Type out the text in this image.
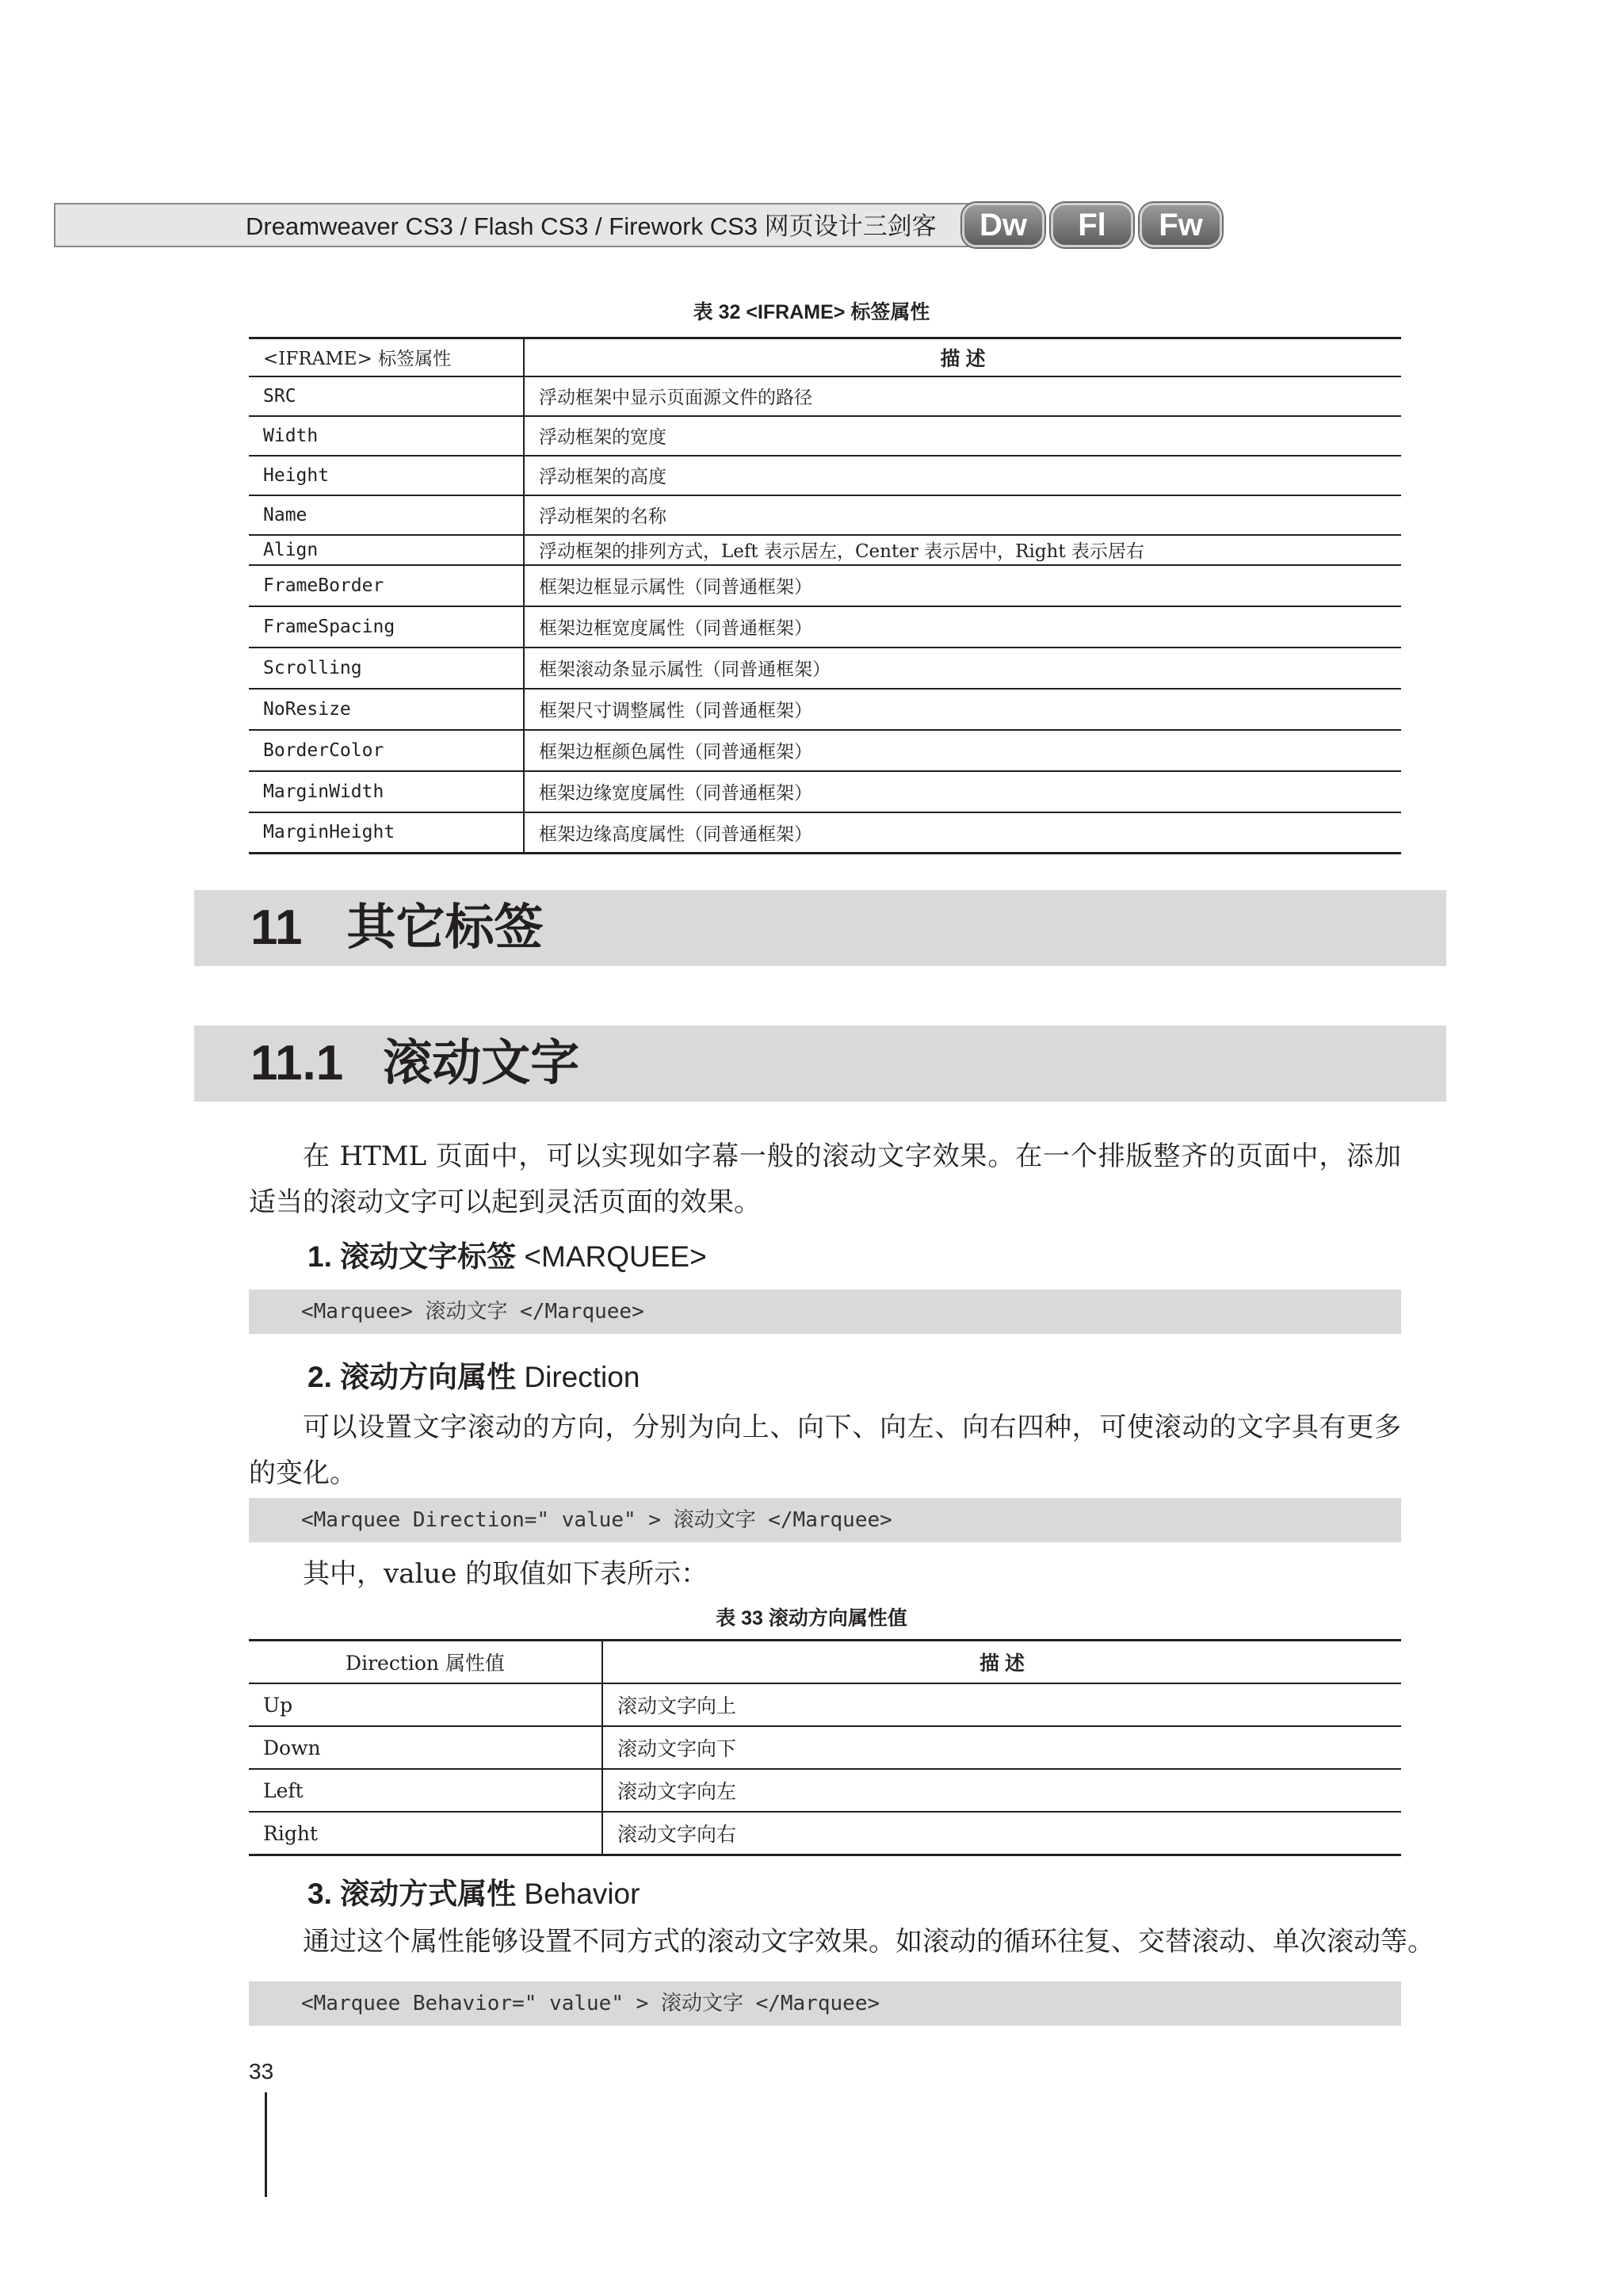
Dreamweaver CS3 / Flash CS3 / Firework CS3 网页设计三剑客	Dw	Fl	Fw
表 32 <IFRAME> 标签属性
<IFRAME> 标签属性	描 述
SRC	浮动框架中显示页面源文件的路径
Width	浮动框架的宽度
Height	浮动框架的高度
Name	浮动框架的名称
Align	浮动框架的排列方式，Left 表示居左，Center 表示居中，Right 表示居右
FrameBorder	框架边框显示属性（同普通框架）
FrameSpacing	框架边框宽度属性（同普通框架）
Scrolling	框架滚动条显示属性（同普通框架）
NoResize	框架尺寸调整属性（同普通框架）
BorderColor	框架边框颜色属性（同普通框架）
MarginWidth	框架边缘宽度属性（同普通框架）
MarginHeight	框架边缘高度属性（同普通框架）
11 其它标签
11.1 滚动文字

在 HTML 页面中，可以实现如字幕一般的滚动文字效果。在一个排版整齐的页面中，添加适当的滚动文字可以起到灵活页面的效果。

1. 滚动文字标签 <MARQUEE>
<Marquee> 滚动文字 </Marquee>
2. 滚动方向属性 Direction

可以设置文字滚动的方向，分别为向上、向下、向左、向右四种，可使滚动的文字具有更多的变化。

<Marquee Direction=" value" > 滚动文字 </Marquee>
其中，value 的取值如下表所示：
表 33 滚动方向属性值
Direction 属性值	描 述
Up	滚动文字向上
Down	滚动文字向下
Left	滚动文字向左
Right	滚动文字向右
3. 滚动方式属性 Behavior
通过这个属性能够设置不同方式的滚动文字效果。如滚动的循环往复、交替滚动、单次滚动等。
<Marquee Behavior=" value" > 滚动文字 </Marquee>
33
